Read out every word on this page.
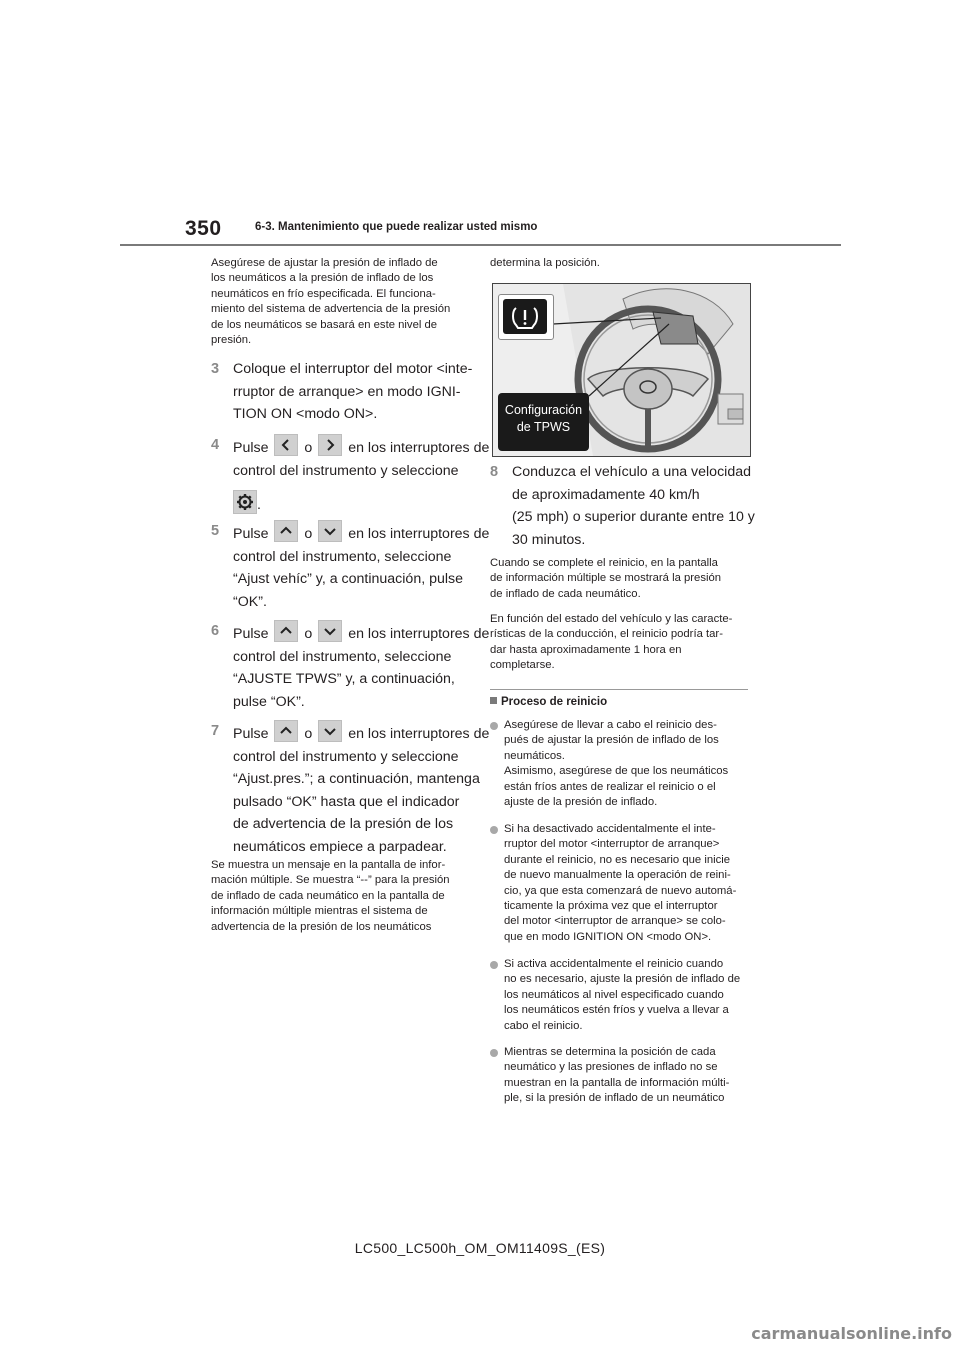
350	6-3. Mantenimiento que puede realizar usted mismo
Asegúrese de ajustar la presión de inflado de
los neumáticos a la presión de inflado de los
neumáticos en frío especificada. El funciona-
miento del sistema de advertencia de la presión
de los neumáticos se basará en este nivel de
presión.
3 Coloque el interruptor del motor <inte-
rruptor de arranque> en modo IGNI-
TION ON <modo ON>.
4 Pulse	o	en los interruptores de
control del instrumento y seleccione
.
5 Pulse	o	en los interruptores de
control del instrumento, seleccione
“Ajust vehíc” y, a continuación, pulse
“OK”.
6 Pulse	o	en los interruptores de
control del instrumento, seleccione
“AJUSTE TPWS” y, a continuación,
pulse “OK”.
7 Pulse	o	en los interruptores de
control del instrumento y seleccione
“Ajust.pres.”; a continuación, mantenga
pulsado “OK” hasta que el indicador
de advertencia de la presión de los
neumáticos empiece a parpadear.
Se muestra un mensaje en la pantalla de infor-
mación múltiple. Se muestra “--” para la presión
de inflado de cada neumático en la pantalla de
información múltiple mientras el sistema de
advertencia de la presión de los neumáticos
determina la posición.
Configuración
de TPWS
8 Conduzca el vehículo a una velocidad
de aproximadamente 40 km/h
(25 mph) o superior durante entre 10 y
30 minutos.
Cuando se complete el reinicio, en la pantalla
de información múltiple se mostrará la presión
de inflado de cada neumático.
En función del estado del vehículo y las caracte-
rísticas de la conducción, el reinicio podría tar-
dar hasta aproximadamente 1 hora en
completarse.
Proceso de reinicio
Asegúrese de llevar a cabo el reinicio des-
pués de ajustar la presión de inflado de los
neumáticos.
Asimismo, asegúrese de que los neumáticos
están fríos antes de realizar el reinicio o el
ajuste de la presión de inflado.
Si ha desactivado accidentalmente el inte-
rruptor del motor <interruptor de arranque>
durante el reinicio, no es necesario que inicie
de nuevo manualmente la operación de reini-
cio, ya que esta comenzará de nuevo automá-
ticamente la próxima vez que el interruptor
del motor <interruptor de arranque> se colo-
que en modo IGNITION ON <modo ON>.
Si activa accidentalmente el reinicio cuando
no es necesario, ajuste la presión de inflado de
los neumáticos al nivel especificado cuando
los neumáticos estén fríos y vuelva a llevar a
cabo el reinicio.
Mientras se determina la posición de cada
neumático y las presiones de inflado no se
muestran en la pantalla de información múlti-
ple, si la presión de inflado de un neumático
LC500_LC500h_OM_OM11409S_(ES)
carmanualsonline.info
